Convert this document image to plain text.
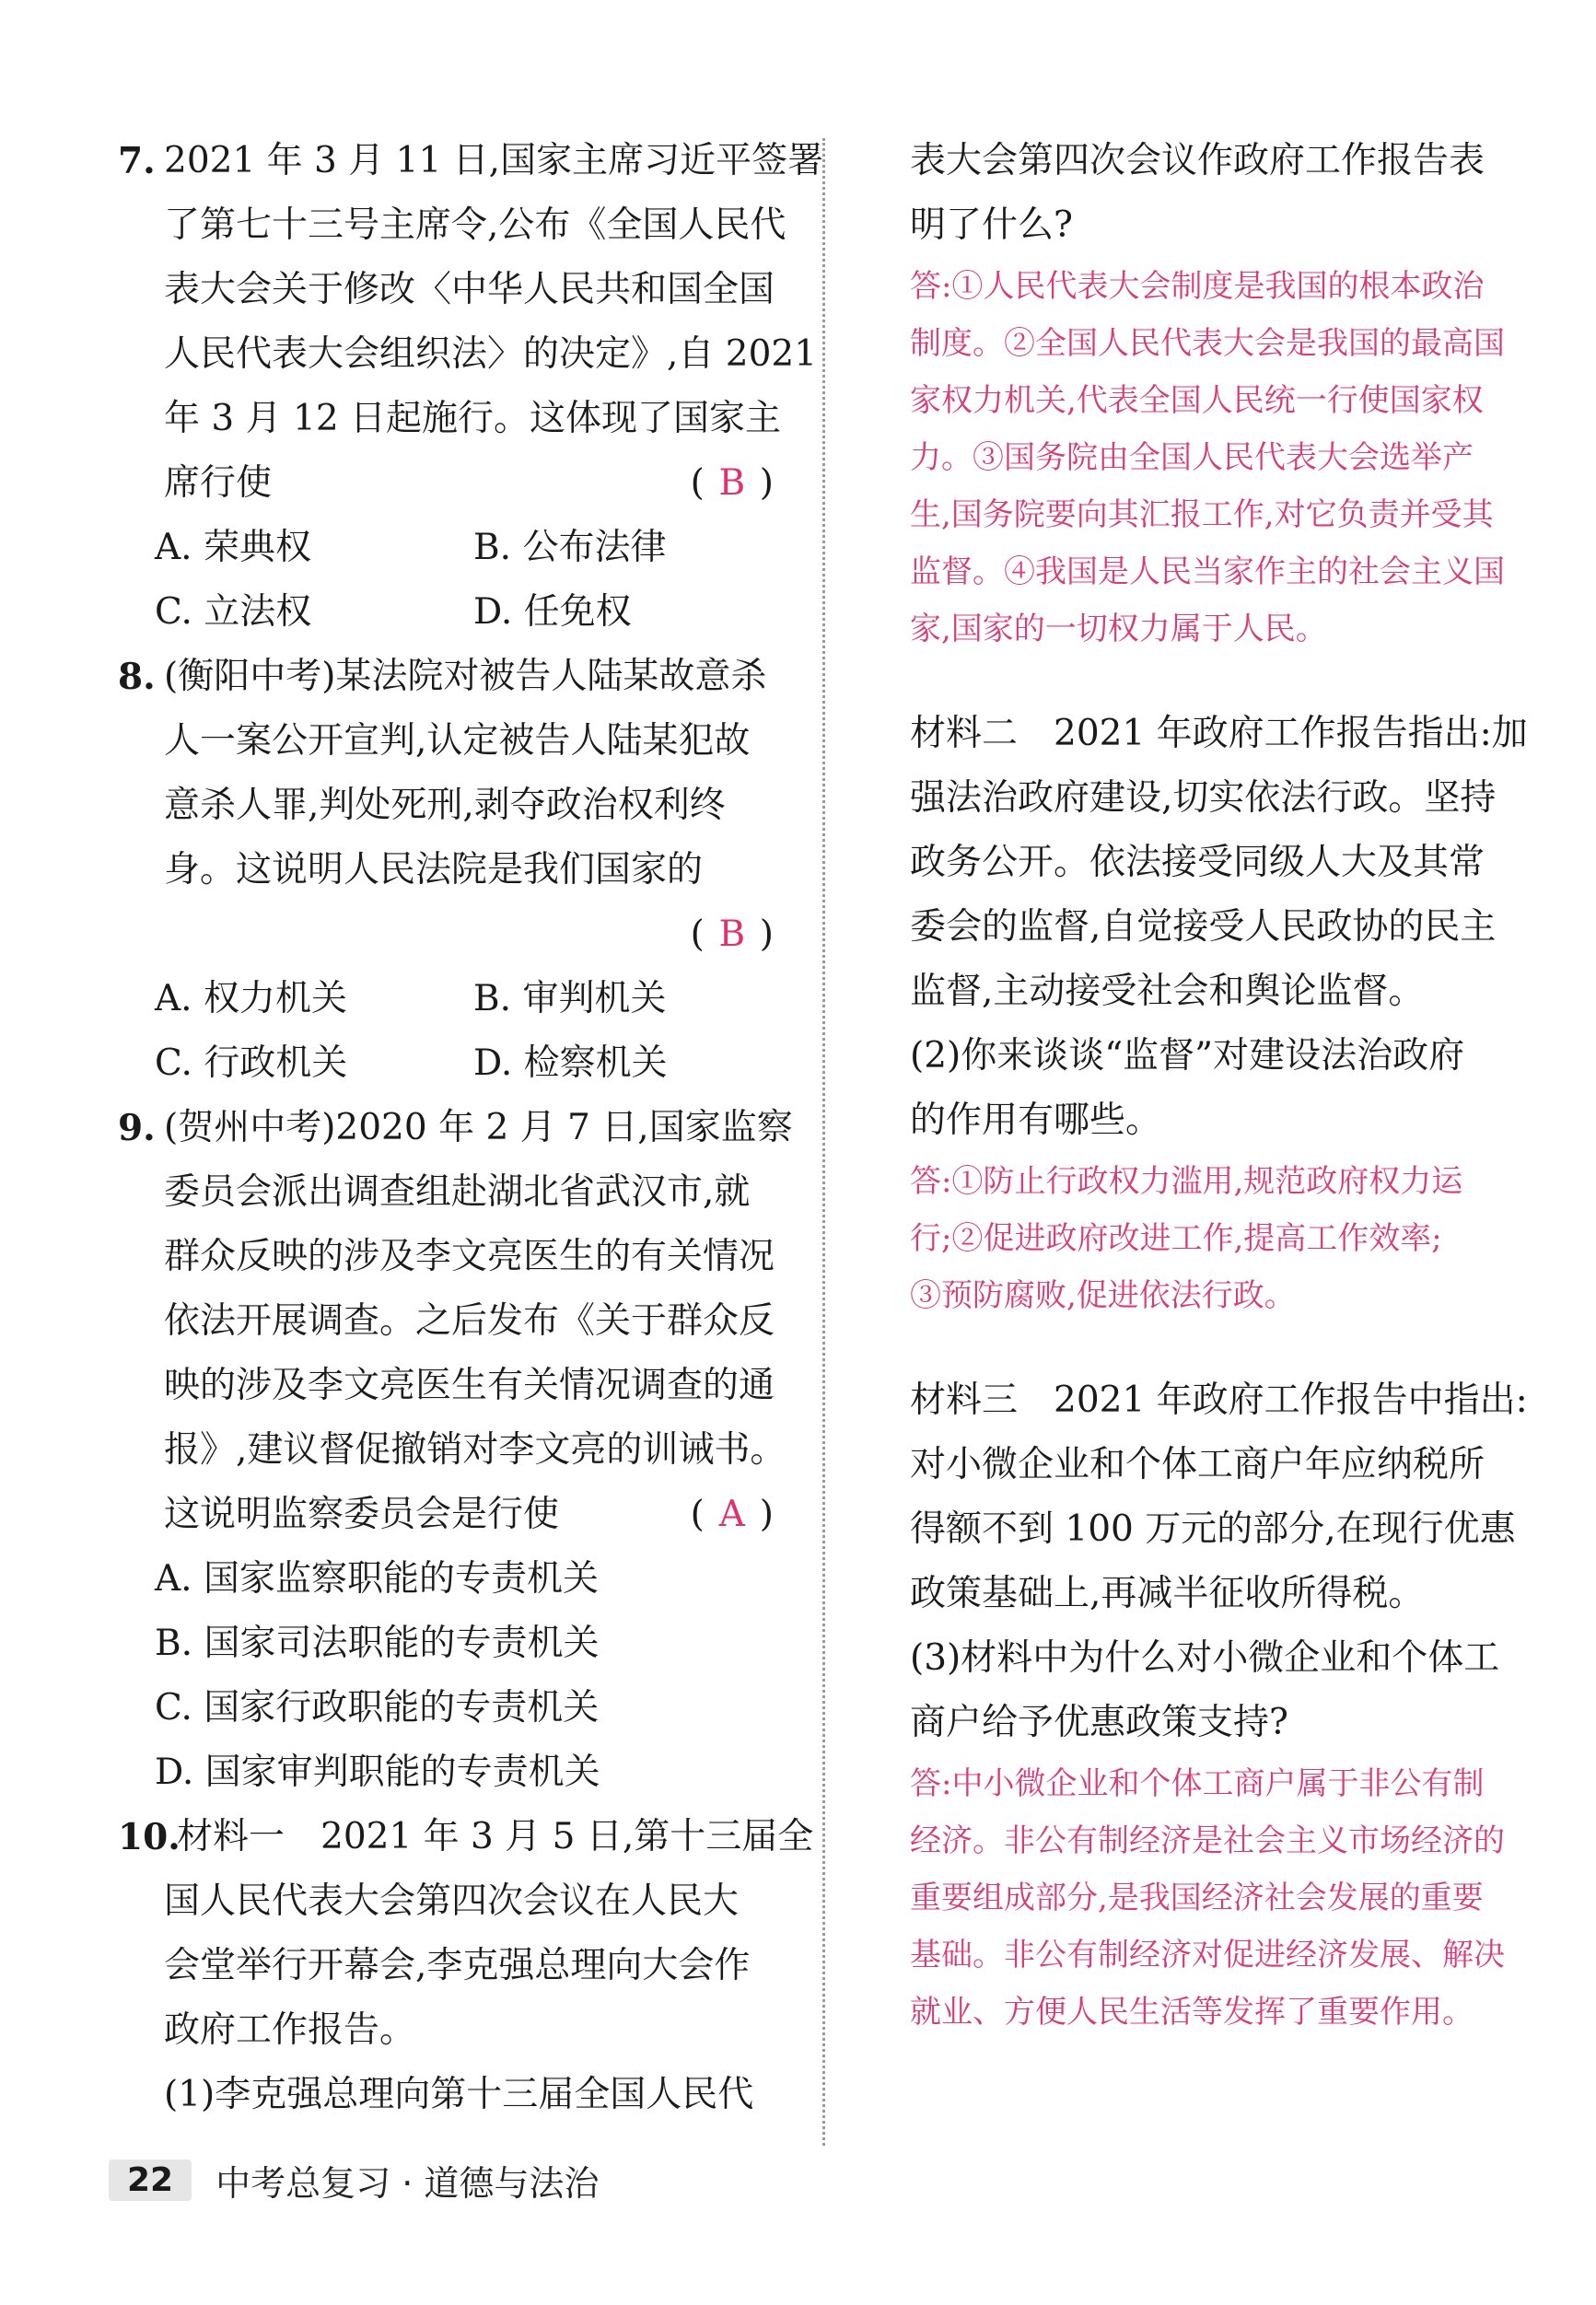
7. 2021 年 3 月 11 日,国家主席习近平签署
了第七十三号主席令,公布《全国人民代
表大会关于修改〈中华人民共和国全国
人民代表大会组织法〉的决定》,自 2021
年 3 月 12 日起施行。这体现了国家主
席行使	( B )
A. 荣典权	B. 公布法律
C. 立法权	D. 任免权
8. (衡阳中考)某法院对被告人陆某故意杀
人一案公开宣判,认定被告人陆某犯故
意杀人罪,判处死刑,剥夺政治权利终
身。这说明人民法院是我们国家的
( B )
A. 权力机关	B. 审判机关
C. 行政机关	D. 检察机关
9. (贺州中考)2020 年 2 月 7 日,国家监察
委员会派出调查组赴湖北省武汉市,就
群众反映的涉及李文亮医生的有关情况
依法开展调查。之后发布《关于群众反
映的涉及李文亮医生有关情况调查的通
报》,建议督促撤销对李文亮的训诫书。
这说明监察委员会是行使	( A )
A. 国家监察职能的专责机关
B. 国家司法职能的专责机关
C. 国家行政职能的专责机关
D. 国家审判职能的专责机关
10.
材料一　2021 年 3 月 5 日,第十三届全
国人民代表大会第四次会议在人民大
会堂举行开幕会,李克强总理向大会作
政府工作报告。
(1)李克强总理向第十三届全国人民代
表大会第四次会议作政府工作报告表
明了什么?
答:①人民代表大会制度是我国的根本政治
制度。②全国人民代表大会是我国的最高国
家权力机关,代表全国人民统一行使国家权
力。③国务院由全国人民代表大会选举产
生,国务院要向其汇报工作,对它负责并受其
监督。④我国是人民当家作主的社会主义国
家,国家的一切权力属于人民。
材料二　2021 年政府工作报告指出:加
强法治政府建设,切实依法行政。坚持
政务公开。依法接受同级人大及其常
委会的监督,自觉接受人民政协的民主
监督,主动接受社会和舆论监督。
(2)你来谈谈“监督”对建设法治政府
的作用有哪些。
答:①防止行政权力滥用,规范政府权力运
行;②促进政府改进工作,提高工作效率;
③预防腐败,促进依法行政。
材料三　2021 年政府工作报告中指出:
对小微企业和个体工商户年应纳税所
得额不到 100 万元的部分,在现行优惠
政策基础上,再减半征收所得税。
(3)材料中为什么对小微企业和个体工
商户给予优惠政策支持?
答:中小微企业和个体工商户属于非公有制
经济。非公有制经济是社会主义市场经济的
重要组成部分,是我国经济社会发展的重要
基础。非公有制经济对促进经济发展、解决
就业、方便人民生活等发挥了重要作用。
22	中考总复习 · 道德与法治
